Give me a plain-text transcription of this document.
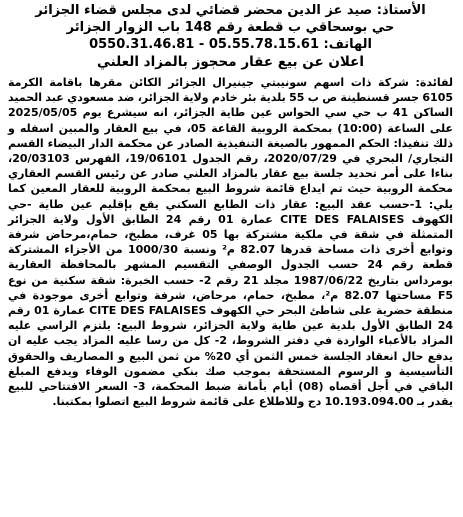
الأستاذ: صيد عز الدين محضر قضائي لدى مجلس قضاء الجزائر
حي بوسحاقي ب قطعة رقم 148 باب الزوار الجزائر
الهاتف: 05.55.78.15.61 - 0550.31.46.81
اعلان عن بيع عقار محجوز بالمزاد العلني
لفائدة: شركة ذات اسهم سونيبتي جينيرال الجزائر الكائن مقرها باقامة الكرمة 6105 جسر قسنطينة ص ب 55 بلدية بئر خادم ولاية الجزائر، ضد مسعودي عبد الحميد الساكن 41 ب حي سي الحواس عين طاية الجزائر، انه سيشرع يوم 2025/05/05 على الساعة (10:00) بمحكمة الروبية القاعة 05، في بيع العقار والمبين اسفله و ذلك تنفيذا: الحكم الممهور بالصيغة التنفيذية الصادر عن محكمة الدار البيضاء القسم التجاري/ البحري في 2020/07/29، رقم الجدول 19/06101، الفهرس 20/03103، بناءا على أمر تحديد جلسة بيع عقار بالمزاد العلني صادر عن رئيس القسم العقاري محكمة الروبية حيث تم ايداع قائمة شروط البيع بمحكمة الروبية للعقار المعين كما يلي: 1-حسب عقد البيع: عقار ذات الطابع السكني يقع بإقليم عين طاية -حي الكهوف CITE DES FALAISES عمارة 01 رقم 24 الطابق الأول ولاية الجزائر المتمثلة في شقة في ملكية مشتركة بها 05 غرف، مطبخ، حمام،مرحاض شرفة وتوابع أخرى ذات مساحة قدرها 82.07 م² ونسبة 1000/30 من الأجزاء المشتركة قطعة رقم 24 حسب الجدول الوصفي التقسيم المشهر بالمحافظة العقارية بومرداس بتاريخ 1987/06/22 مجلد 21 رقم 2- حسب الخبرة: شقة سكنية من نوع F5 مساحتها 82.07 م²، مطبخ، حمام، مرحاض، شرفة وتوابع أخرى موجودة في منطقة حضرية على شاطئ البحر حي الكهوف CITE DES FALAISES عمارة 01 رقم 24 الطابق الأول بلدية عين طاية ولاية الجزائر، شروط البيع: يلتزم الراسي عليه المزاد بالأعباء الواردة في دفتر الشروط، 2- كل من رسا عليه المزاد يجب عليه ان يدفع حال انعقاد الجلسة خمس الثمن أي 20% من ثمن البيع و المصاريف والحقوق التأسيسية و الرسوم المستحقة بموجب صك بنكي مضمون الوفاء ويدفع المبلغ الباقي في أجل أقصاه (08) أيام بأمانة ضبط المحكمة، 3- السعر الافتتاحي للبيع يقدر بـ 10.193.094.00 دج وللاطلاع على قائمة شروط البيع اتصلوا بمكتبنا.
